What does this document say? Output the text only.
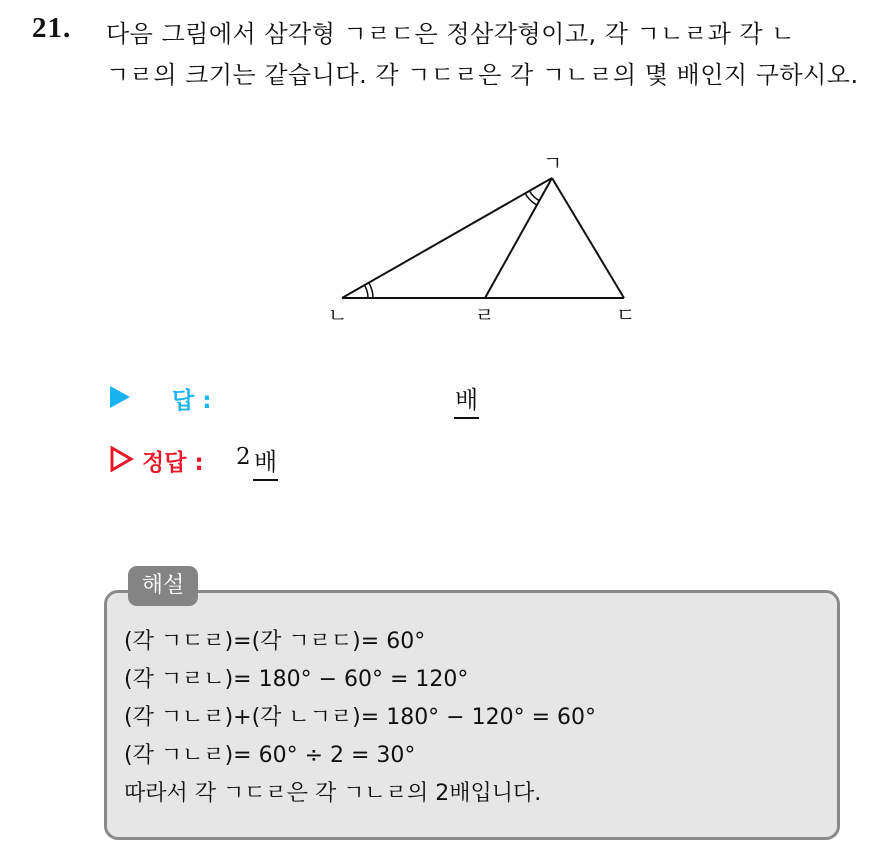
21. 다음 그림에서 삼각형 ㄱㄹㄷ은 정삼각형이고, 각 ㄱㄴㄹ과 각 ㄴ
ㄱㄹ의 크기는 같습니다. 각 ㄱㄷㄹ은 각 ㄱㄴㄹ의 몇 배인지 구하시오.
ㄱ
ㄴ	ㄹ	ㄷ
답 :	배
정답 : 2 배
해설
(각 ㄱㄷㄹ)=(각 ㄱㄹㄷ)= 60°
(각 ㄱㄹㄴ)= 180° − 60° = 120°
(각 ㄱㄴㄹ)+(각 ㄴㄱㄹ)= 180° − 120° = 60°
(각 ㄱㄴㄹ)= 60° ÷ 2 = 30°
따라서 각 ㄱㄷㄹ은 각 ㄱㄴㄹ의 2배입니다.
